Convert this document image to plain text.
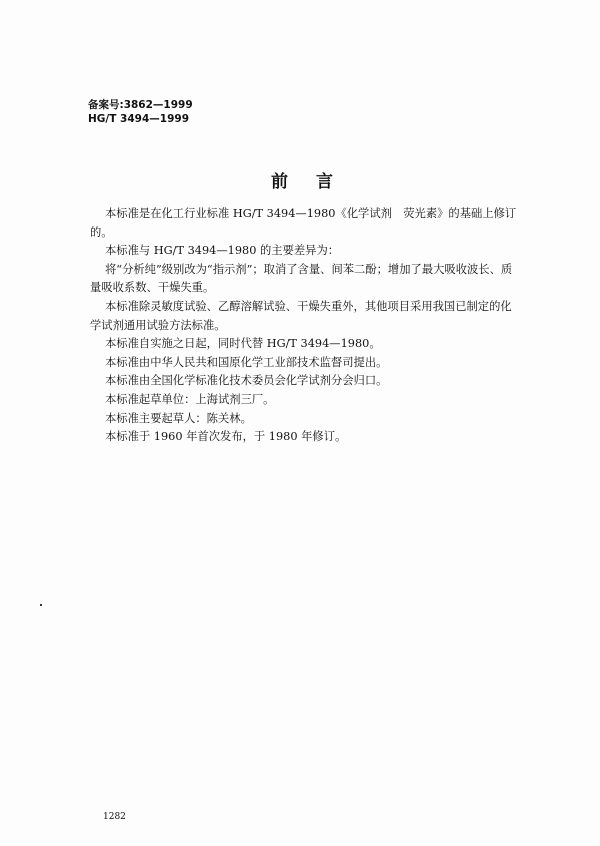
备案号:3862—1999
HG/T 3494—1999
前言

本标准是在化工行业标准 HG/T 3494—1980《化学试剂　荧光素》的基础上修订的。

本标准与 HG/T 3494—1980 的主要差异为：

将“分析纯”级别改为“指示剂”；取消了含量、间苯二酚；增加了最大吸收波长、质量吸收系数、干燥失重。

本标准除灵敏度试验、乙醇溶解试验、干燥失重外，其他项目采用我国已制定的化学试剂通用试验方法标准。

本标准自实施之日起，同时代替 HG/T 3494—1980。

本标准由中华人民共和国原化学工业部技术监督司提出。

本标准由全国化学标准化技术委员会化学试剂分会归口。

本标准起草单位：上海试剂三厂。

本标准主要起草人：陈关林。

本标准于 1960 年首次发布，于 1980 年修订。

1282
